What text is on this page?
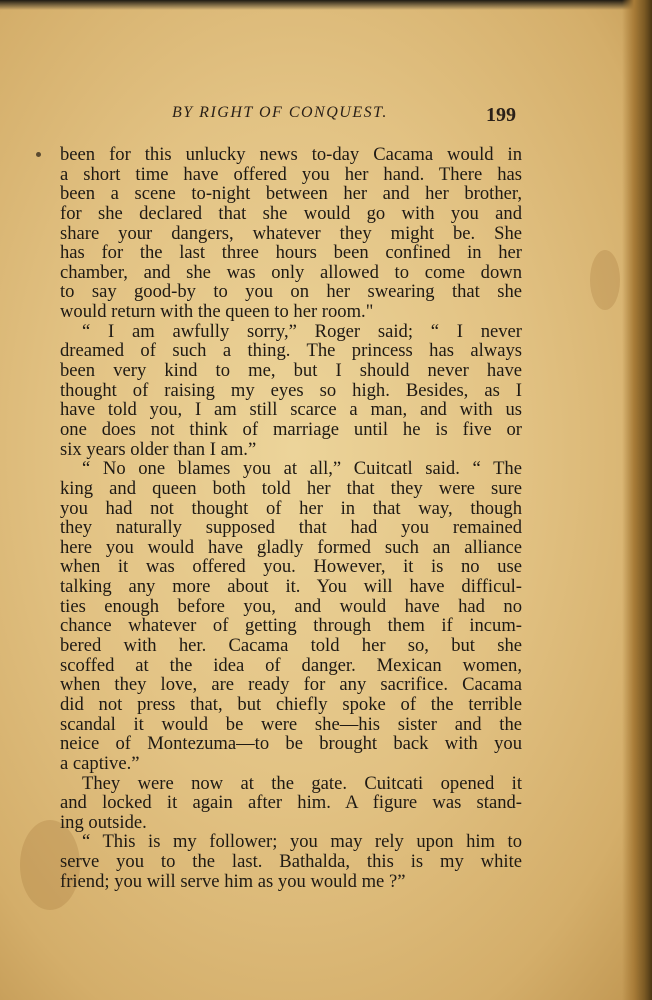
BY RIGHT OF CONQUEST.	199
been for this unlucky news to-day Cacama would in
a short time have offered you her hand. There has
been a scene to-night between her and her brother,
for she declared that she would go with you and
share your dangers, whatever they might be. She
has for the last three hours been confined in her
chamber, and she was only allowed to come down
to say good-by to you on her swearing that she
would return with the queen to her room."
“ I am awfully sorry,” Roger said; “ I never
dreamed of such a thing. The princess has always
been very kind to me, but I should never have
thought of raising my eyes so high. Besides, as I
have told you, I am still scarce a man, and with us
one does not think of marriage until he is five or
six years older than I am.”
“ No one blames you at all,” Cuitcatl said. “ The
king and queen both told her that they were sure
you had not thought of her in that way, though
they naturally supposed that had you remained
here you would have gladly formed such an alliance
when it was offered you. However, it is no use
talking any more about it. You will have difficul-
ties enough before you, and would have had no
chance whatever of getting through them if incum-
bered with her. Cacama told her so, but she
scoffed at the idea of danger. Mexican women,
when they love, are ready for any sacrifice. Cacama
did not press that, but chiefly spoke of the terrible
scandal it would be were she—his sister and the
neice of Montezuma—to be brought back with you
a captive.”
They were now at the gate. Cuitcati opened it
and locked it again after him. A figure was stand-
ing outside.
“ This is my follower; you may rely upon him to
serve you to the last. Bathalda, this is my white
friend; you will serve him as you would me ?”
